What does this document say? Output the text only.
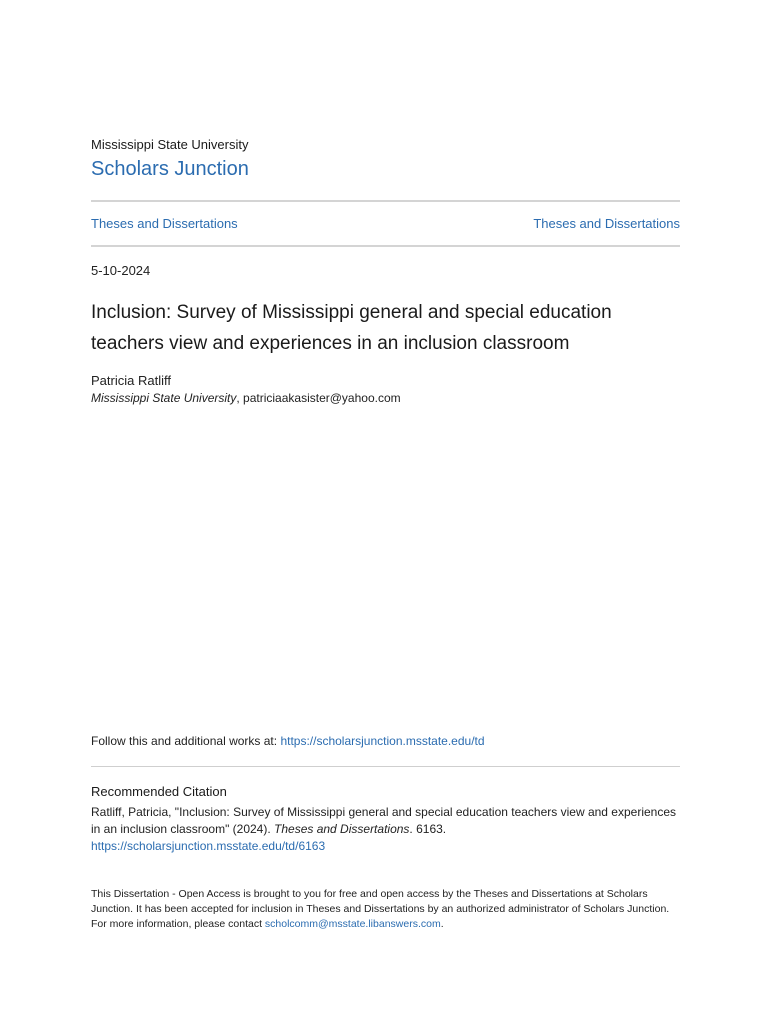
Mississippi State University
Scholars Junction
Theses and Dissertations	Theses and Dissertations
5-10-2024
Inclusion: Survey of Mississippi general and special education teachers view and experiences in an inclusion classroom
Patricia Ratliff
Mississippi State University, patriciaakasister@yahoo.com
Follow this and additional works at: https://scholarsjunction.msstate.edu/td
Recommended Citation
Ratliff, Patricia, "Inclusion: Survey of Mississippi general and special education teachers view and experiences in an inclusion classroom" (2024). Theses and Dissertations. 6163.
https://scholarsjunction.msstate.edu/td/6163
This Dissertation - Open Access is brought to you for free and open access by the Theses and Dissertations at Scholars Junction. It has been accepted for inclusion in Theses and Dissertations by an authorized administrator of Scholars Junction. For more information, please contact scholcomm@msstate.libanswers.com.
